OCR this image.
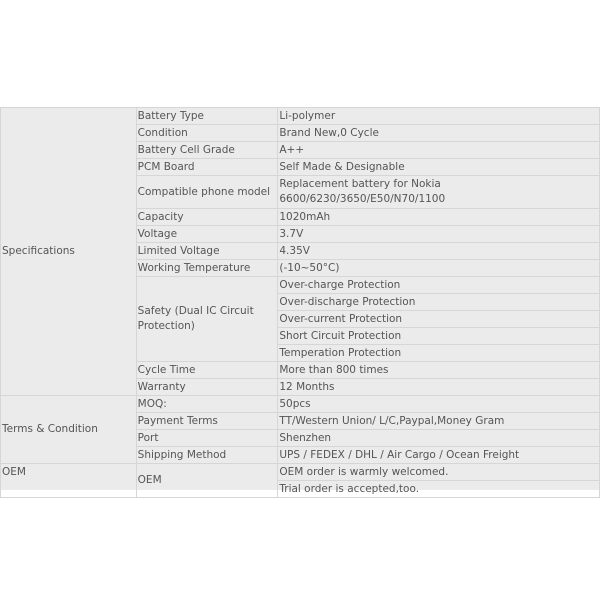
Specifications	Battery Type	Li-polymer
	Condition	Brand New,0 Cycle
	Battery Cell Grade	A++
	PCM Board	Self Made & Designable
	Compatible phone model	Replacement battery for Nokia 6600/6230/3650/E50/N70/1100
	Capacity	1020mAh
	Voltage	3.7V
	Limited Voltage	4.35V
	Working Temperature	(-10~50°C)
	Safety (Dual IC Circuit Protection)	Over-charge Protection
		Over-discharge Protection
		Over-current Protection
		Short Circuit Protection
		Temperation Protection
	Cycle Time	More than 800 times
	Warranty	12 Months

Terms & Condition	MOQ:	50pcs
	Payment Terms	TT/Western Union/ L/C,Paypal,Money Gram
	Port	Shenzhen
	Shipping Method	UPS / FEDEX / DHL / Air Cargo / Ocean Freight
OEM	OEM	OEM order is warmly welcomed.
		Trial order is accepted,too.
